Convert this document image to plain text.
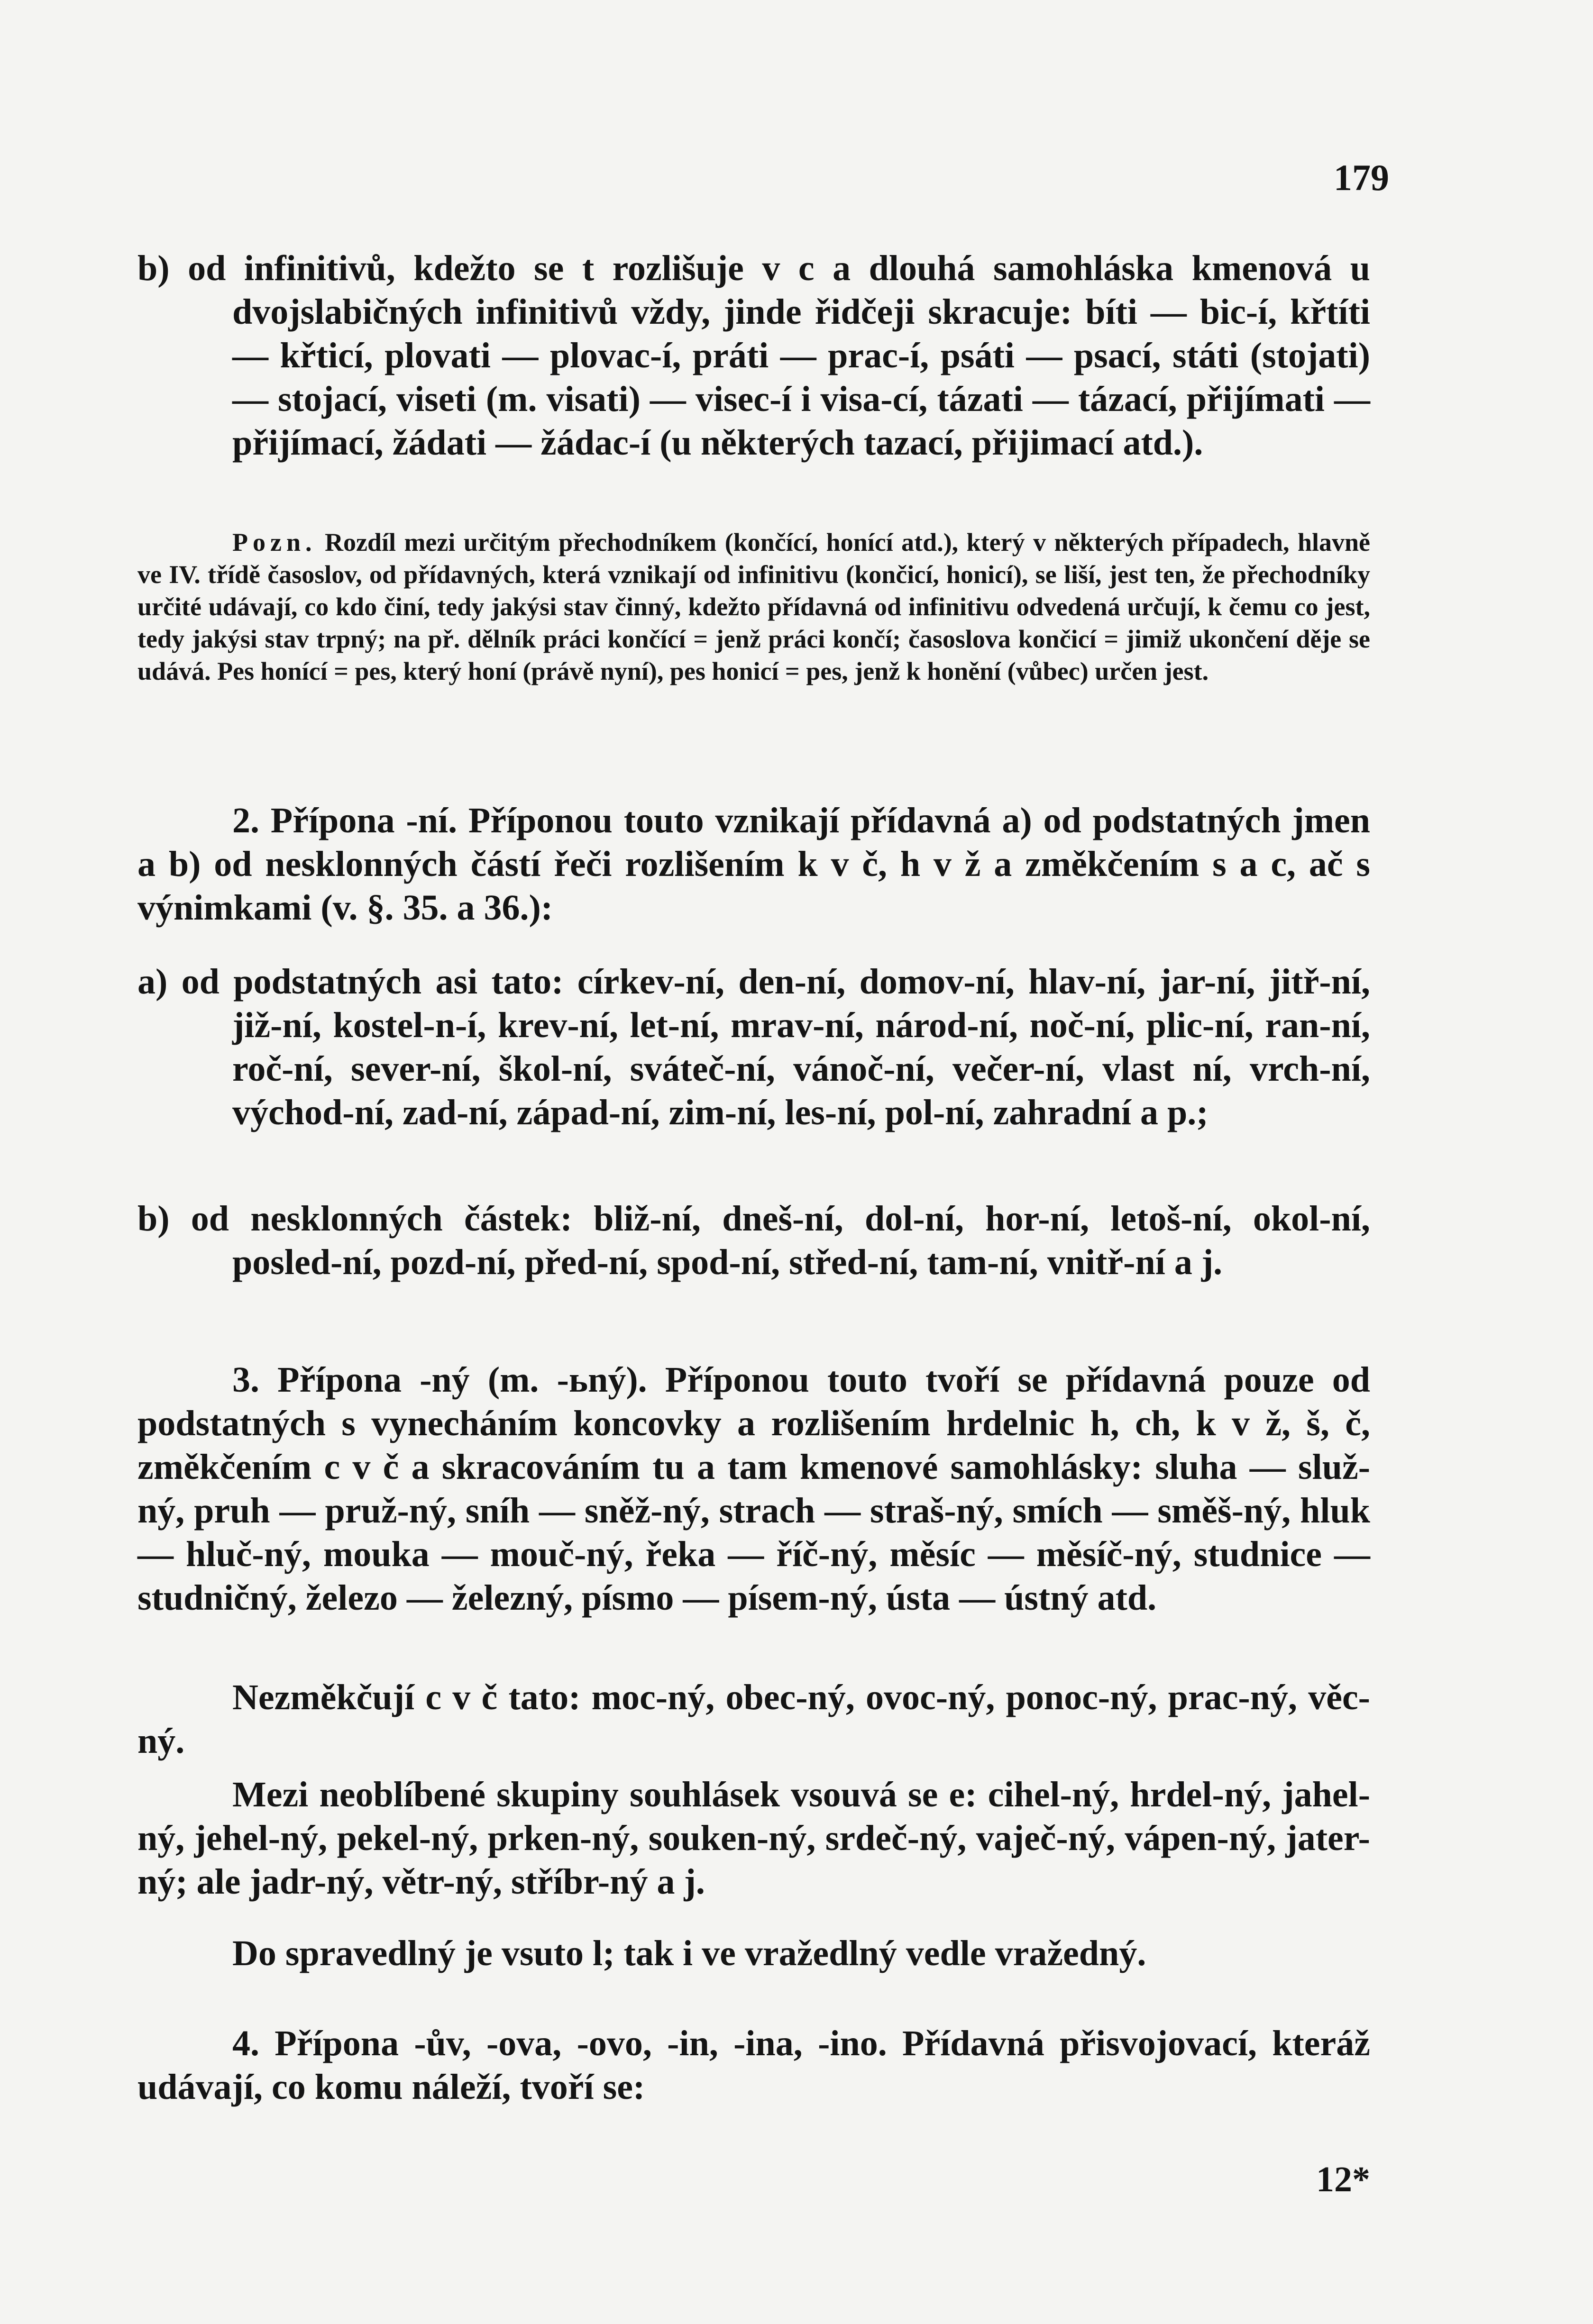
179

b) od infinitivů, kdežto se t rozlišuje v c a dlouhá samohláska kmenová u dvojslabičných infinitivů vždy, jinde řidčeji skracuje: bíti — bic-í, křtíti — křticí, plovati — plovac-í, práti — prac-í, psáti — psací, státi (stojati) — stojací, viseti (m. visati) — visec-í i visa-cí, tázati — tázací, přijímati — přijímací, žádati — žádac-í (u některých tazací, přijimací atd.).

Pozn. Rozdíl mezi určitým přechodníkem (končící, honící atd.), který v některých případech, hlavně ve IV. třídě časoslov, od přídavných, která vznikají od infinitivu (končicí, honicí), se liší, jest ten, že přechodníky určité udávají, co kdo činí, tedy jakýsi stav činný, kdežto přídavná od infinitivu odvedená určují, k čemu co jest, tedy jakýsi stav trpný; na př. dělník práci končící = jenž práci končí; časoslova končicí = jimiž ukončení děje se udává. Pes honící = pes, který honí (právě nyní), pes honicí = pes, jenž k honění (vůbec) určen jest.

2. Přípona -ní. Příponou touto vznikají přídavná a) od podstatných jmen a b) od nesklonných částí řeči rozlišením k v č, h v ž a změkčením s a c, ač s výnimkami (v. §. 35. a 36.):

a) od podstatných asi tato: církev-ní, den-ní, domov-ní, hlav-ní, jar-ní, jitř-ní, již-ní, kostel-n-í, krev-ní, let-ní, mrav-ní, národ-ní, noč-ní, plic-ní, ran-ní, roč-ní, sever-ní, škol-ní, sváteč-ní, vánoč-ní, večer-ní, vlast ní, vrch-ní, východ-ní, zad-ní, západ-ní, zim-ní, les-ní, pol-ní, zahradní a p.;

b) od nesklonných částek: bliž-ní, dneš-ní, dol-ní, hor-ní, letoš-ní, okol-ní, posled-ní, pozd-ní, před-ní, spod-ní, střed-ní, tam-ní, vnitř-ní a j.

3. Přípona -ný (m. -ьný). Příponou touto tvoří se přídavná pouze od podstatných s vynecháním koncovky a rozlišením hrdelnic h, ch, k v ž, š, č, změkčením c v č a skracováním tu a tam kmenové samohlásky: sluha — služ-ný, pruh — pruž-ný, sníh — sněž-ný, strach — straš-ný, smích — směš-ný, hluk — hluč-ný, mouka — mouč-ný, řeka — říč-ný, měsíc — měsíč-ný, studnice — studničný, železo — železný, písmo — písem-ný, ústa — ústný atd.

Nezměkčují c v č tato: moc-ný, obec-ný, ovoc-ný, ponoc-ný, prac-ný, věc-ný.

Mezi neoblíbené skupiny souhlásek vsouvá se e: cihel-ný, hrdel-ný, jahel-ný, jehel-ný, pekel-ný, prken-ný, souken-ný, srdeč-ný, vaječ-ný, vápen-ný, jater-ný; ale jadr-ný, větr-ný, stříbr-ný a j.

Do spravedlný je vsuto l; tak i ve vražedlný vedle vražedný.

4. Přípona -ův, -ova, -ovo, -in, -ina, -ino. Přídavná přisvojovací, kteráž udávají, co komu náleží, tvoří se:

12*
